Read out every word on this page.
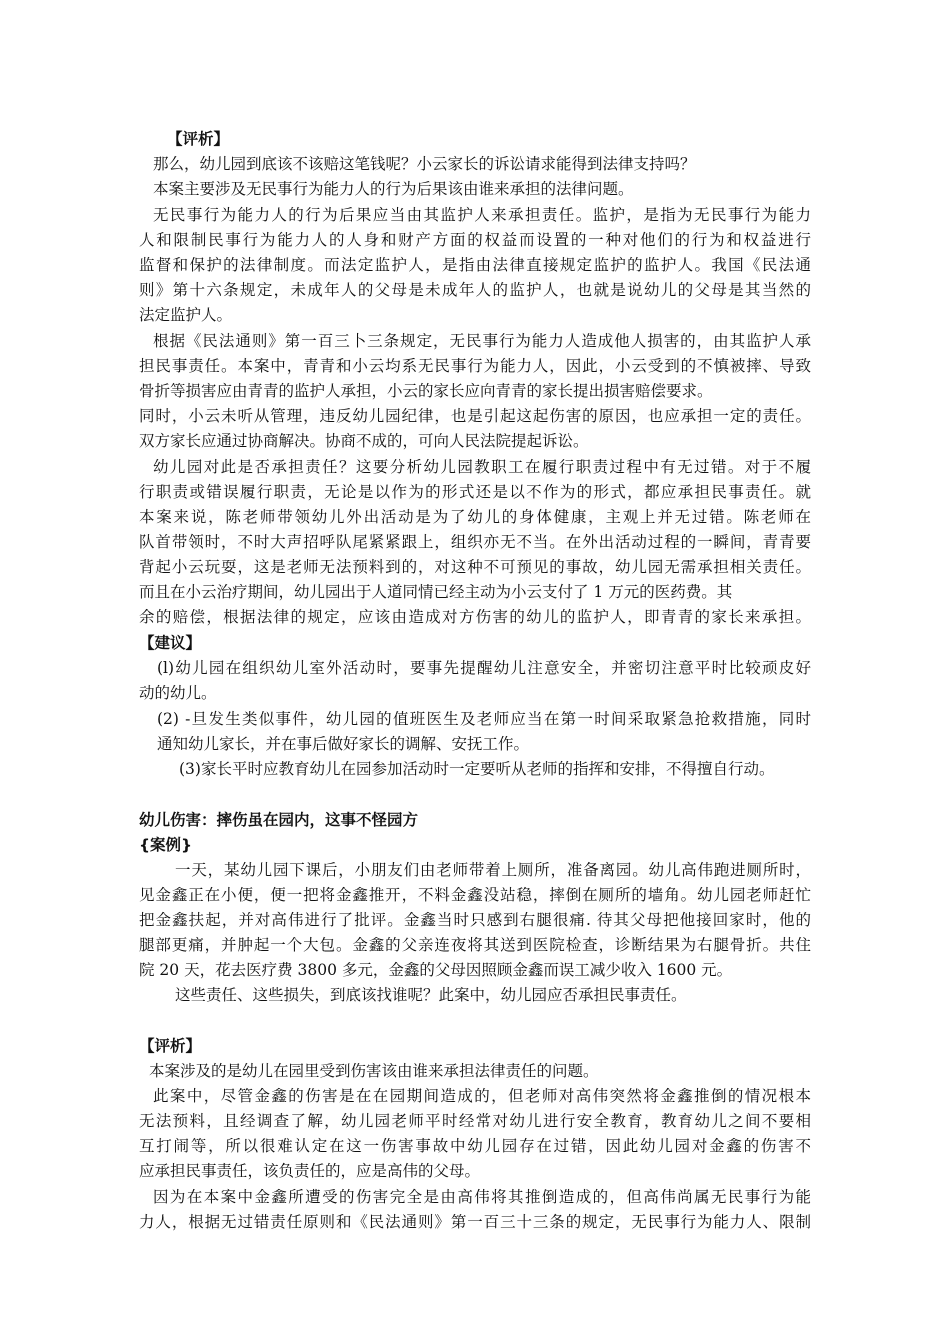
【评析】
那么，幼儿园到底该不该赔这笔钱呢？小云家长的诉讼请求能得到法律支持吗？
本案主要涉及无民事行为能力人的行为后果该由谁来承担的法律问题。
无民事行为能力人的行为后果应当由其监护人来承担责任。监护，是指为无民事行为能力
人和限制民事行为能力人的人身和财产方面的权益而设置的一种对他们的行为和权益进行
监督和保护的法律制度。而法定监护人，是指由法律直接规定监护的监护人。我国《民法通
则》第十六条规定，未成年人的父母是未成年人的监护人，也就是说幼儿的父母是其当然的
法定监护人。
根据《民法通则》第一百三卜三条规定，无民事行为能力人造成他人损害的，由其监护人承
担民事责任。本案中，青青和小云均系无民事行为能力人，因此，小云受到的不慎被摔、导致
骨折等损害应由青青的监护人承担，小云的家长应向青青的家长提出损害赔偿要求。
同时，小云未听从管理，违反幼儿园纪律，也是引起这起伤害的原因，也应承担一定的责任。
双方家长应通过协商解决。协商不成的，可向人民法院提起诉讼。
幼儿园对此是否承担责任？这要分析幼儿园教职工在履行职责过程中有无过错。对于不履
行职责或错误履行职责，无论是以作为的形式还是以不作为的形式，都应承担民事责任。就
本案来说，陈老师带领幼儿外出活动是为了幼儿的身体健康，主观上并无过错。陈老师在
队首带领时，不时大声招呼队尾紧紧跟上，组织亦无不当。在外出活动过程的一瞬间，青青要
背起小云玩耍，这是老师无法预料到的，对这种不可预见的事故，幼儿园无需承担相关责任。
而且在小云治疗期间，幼儿园出于人道同情已经主动为小云支付了 1 万元的医药费。其
余的赔偿，根据法律的规定，应该由造成对方伤害的幼儿的监护人，即青青的家长来承担。
【建议】
(l)幼儿园在组织幼儿室外活动时，要事先提醒幼儿注意安全，并密切注意平时比较顽皮好
动的幼儿。
(2) -旦发生类似事件，幼儿园的值班医生及老师应当在第一时间采取紧急抢救措施，同时
通知幼儿家长，并在事后做好家长的调解、安抚工作。
(3)家长平时应教育幼儿在园参加活动时一定要听从老师的指挥和安排，不得擅自行动。
幼儿伤害：摔伤虽在园内，这事不怪园方
{案例}
一天，某幼儿园下课后，小朋友们由老师带着上厕所，准备离园。幼儿高伟跑进厕所时，
见金鑫正在小便，便一把将金鑫推开，不料金鑫没站稳，摔倒在厕所的墙角。幼儿园老师赶忙
把金鑫扶起，并对高伟进行了批评。金鑫当时只感到右腿很痛. 待其父母把他接回家时，他的
腿部更痛，并肿起一个大包。金鑫的父亲连夜将其送到医院检查，诊断结果为右腿骨折。共住
院 20 天，花去医疗费 3800 多元，金鑫的父母因照顾金鑫而误工减少收入 1600 元。
这些责任、这些损失，到底该找谁呢？此案中，幼儿园应否承担民事责任。
【评析】
本案涉及的是幼儿在园里受到伤害该由谁来承担法律责任的问题。
此案中，尽管金鑫的伤害是在在园期间造成的，但老师对高伟突然将金鑫推倒的情况根本
无法预料，且经调查了解，幼儿园老师平时经常对幼儿进行安全教育，教育幼儿之间不要相
互打闹等，所以很难认定在这一伤害事故中幼儿园存在过错，因此幼儿园对金鑫的伤害不
应承担民事责任，该负责任的，应是高伟的父母。
因为在本案中金鑫所遭受的伤害完全是由高伟将其推倒造成的，但高伟尚属无民事行为能
力人，根据无过错责任原则和《民法通则》第一百三十三条的规定，无民事行为能力人、限制
